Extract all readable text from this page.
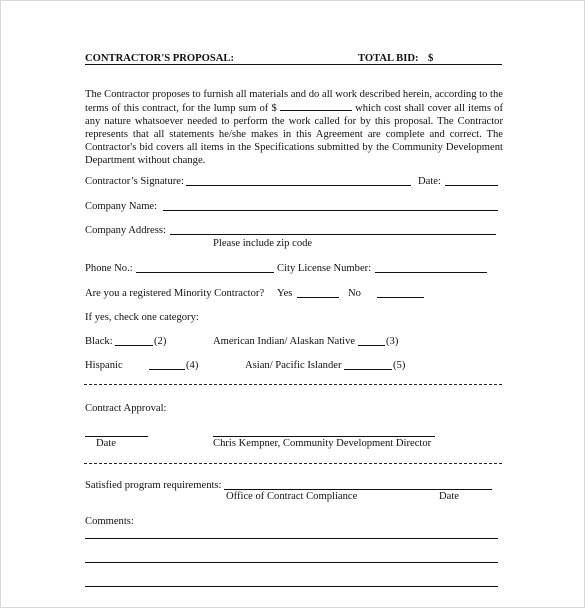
CONTRACTOR'S PROPOSAL:	TOTAL BID: $
The Contractor proposes to furnish all materials and do all work described herein, according to the terms of this contract, for the lump sum of $	which cost shall cover all items of any nature whatsoever needed to perform the work called for by this proposal. The Contractor represents that all statements he/she makes in this Agreement are complete and correct. The Contractor's bid covers all items in the Specifications submitted by the Community Development Department without change.
Contractor’s Signature:	Date:
Company Name:
Company Address:
Please include zip code
Phone No.:	City License Number:
Are you a registered Minority Contractor? Yes	No
If yes, check one category:
Black:	(2)	American Indian/ Alaskan Native	(3)
Hispanic	(4)	Asian/ Pacific Islander	(5)
Contract Approval:
Date	Chris Kempner, Community Development Director
Satisfied program requirements:
Office of Contract Compliance	Date
Comments:
